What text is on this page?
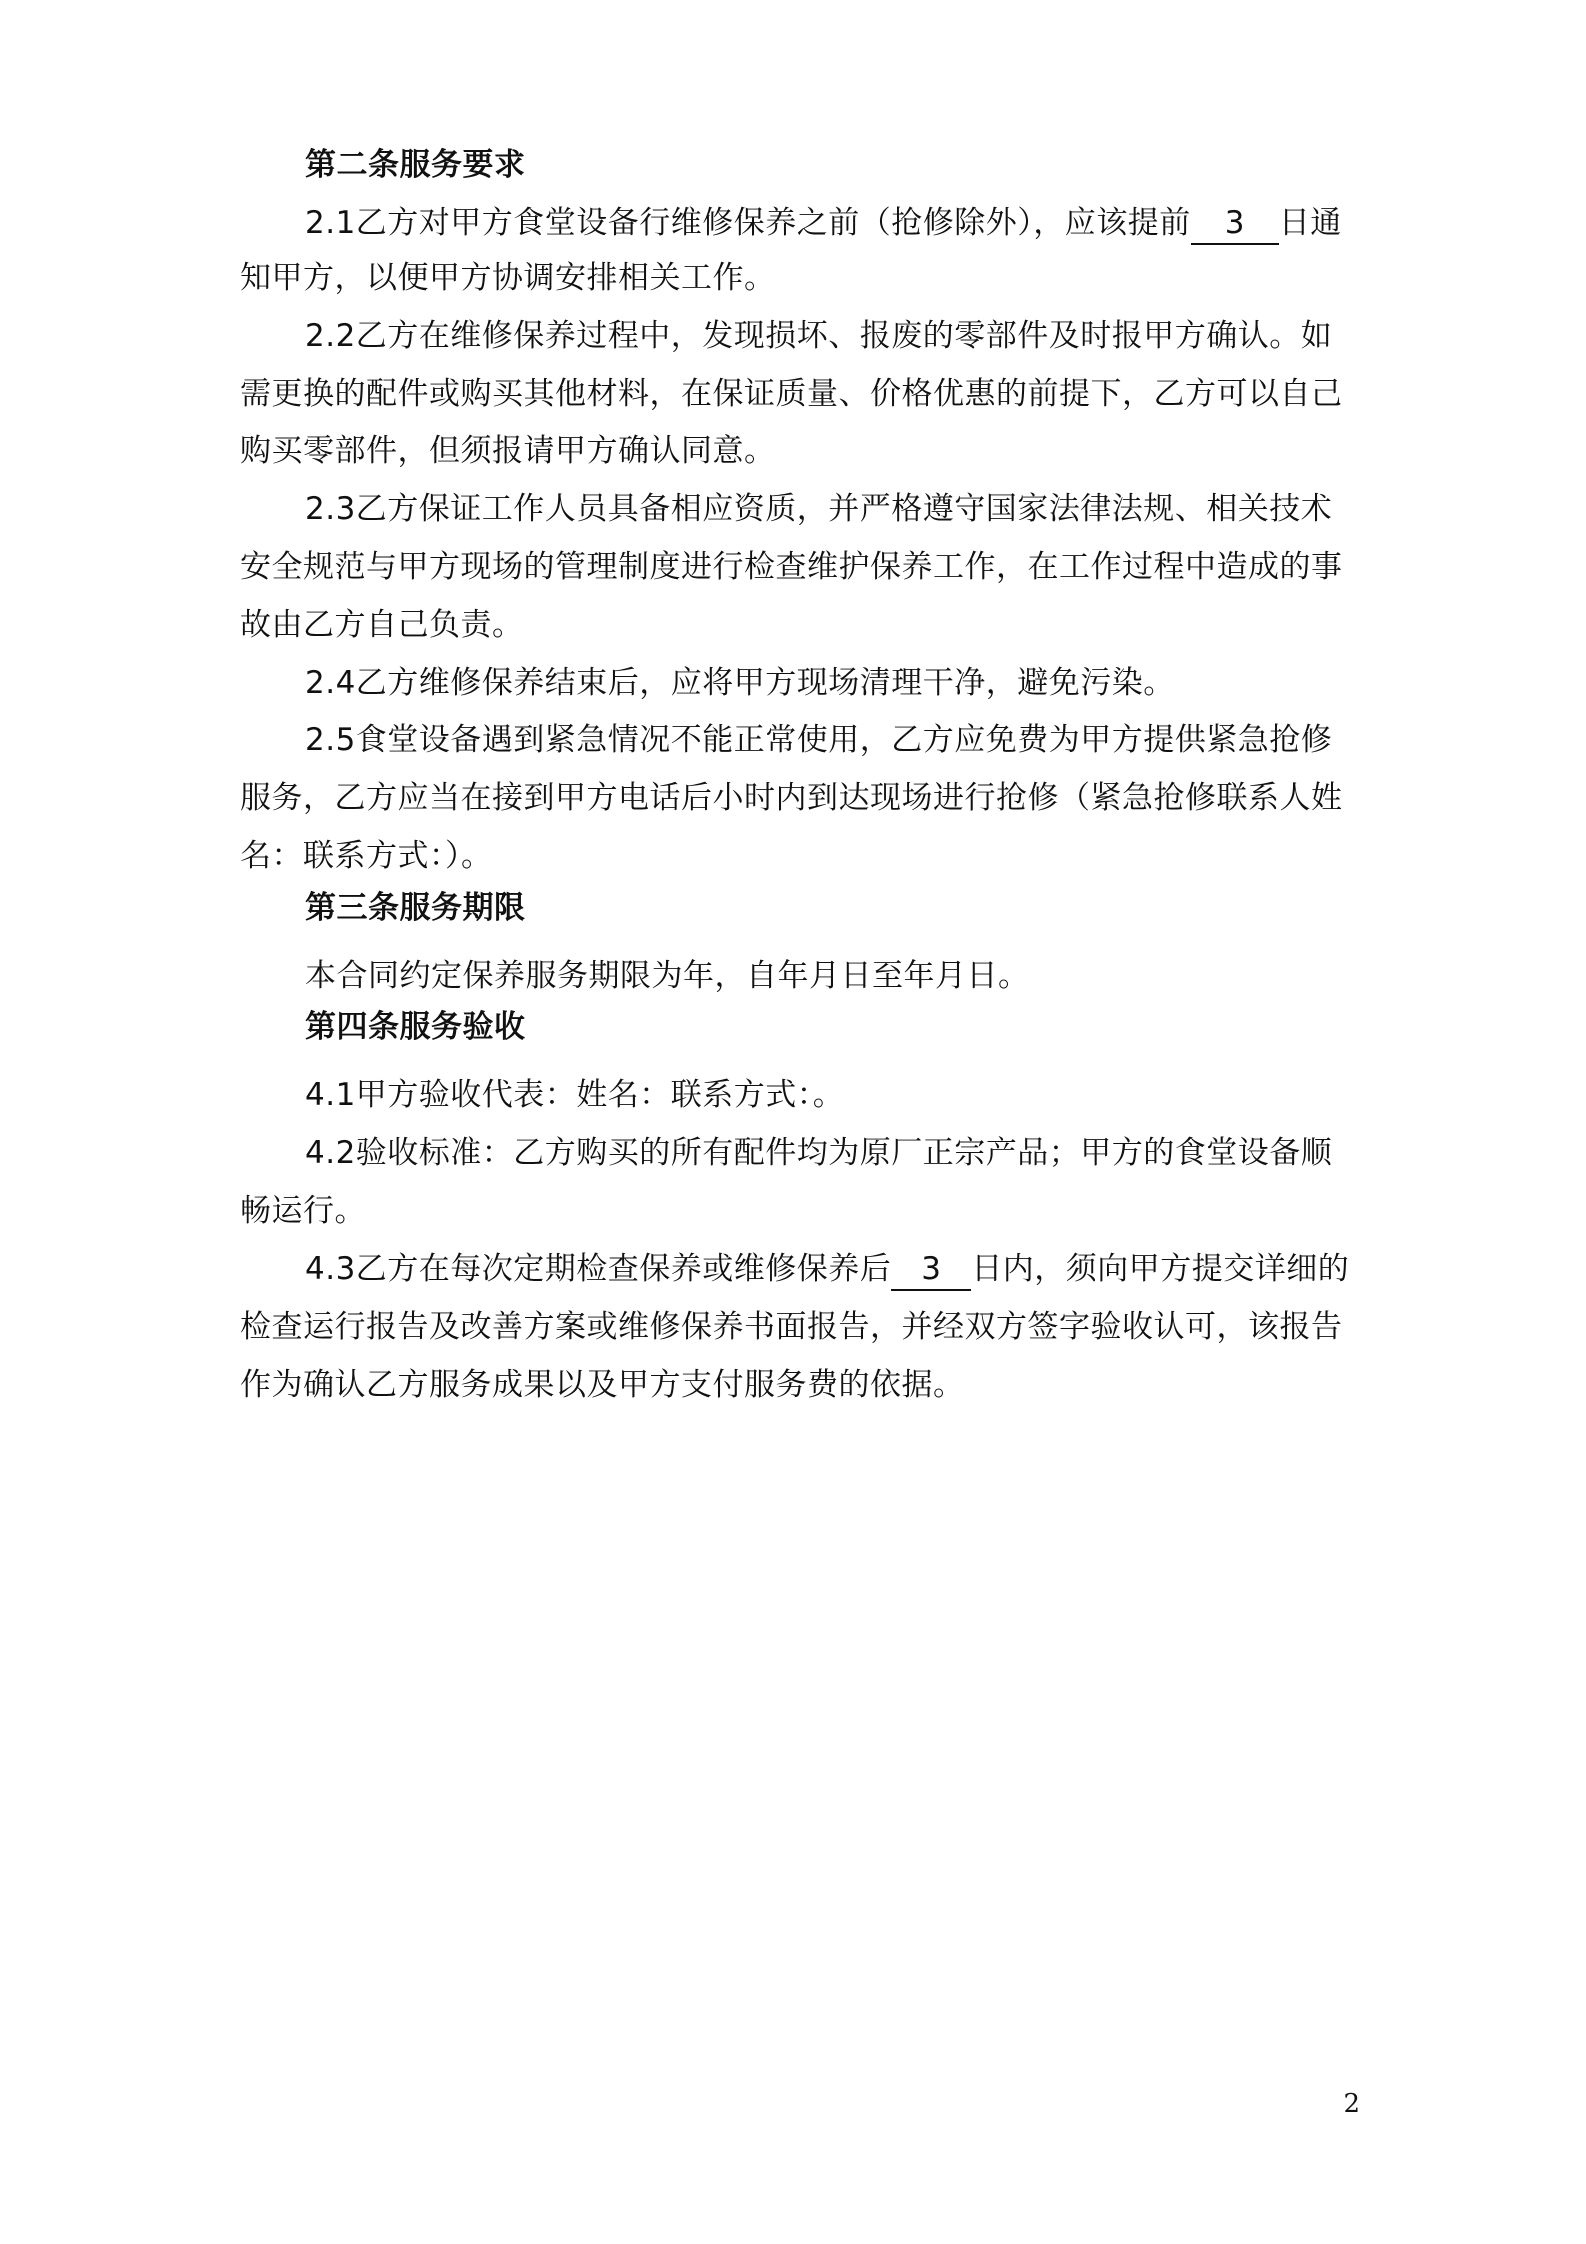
第二条服务要求
2.1乙方对甲方食堂设备行维修保养之前（抢修除外），应该提前 3 日通
知甲方，以便甲方协调安排相关工作。
2.2乙方在维修保养过程中，发现损坏、报废的零部件及时报甲方确认。如
需更换的配件或购买其他材料，在保证质量、价格优惠的前提下，乙方可以自己
购买零部件，但须报请甲方确认同意。
2.3乙方保证工作人员具备相应资质，并严格遵守国家法律法规、相关技术
安全规范与甲方现场的管理制度进行检查维护保养工作，在工作过程中造成的事
故由乙方自己负责。
2.4乙方维修保养结束后，应将甲方现场清理干净，避免污染。
2.5食堂设备遇到紧急情况不能正常使用，乙方应免费为甲方提供紧急抢修
服务，乙方应当在接到甲方电话后小时内到达现场进行抢修（紧急抢修联系人姓
名：联系方式：）。
第三条服务期限
本合同约定保养服务期限为年，自年月日至年月日。
第四条服务验收
4.1甲方验收代表：姓名：联系方式：。
4.2验收标准：乙方购买的所有配件均为原厂正宗产品；甲方的食堂设备顺
畅运行。
4.3乙方在每次定期检查保养或维修保养后 3 日内，须向甲方提交详细的
检查运行报告及改善方案或维修保养书面报告，并经双方签字验收认可，该报告
作为确认乙方服务成果以及甲方支付服务费的依据。
2
